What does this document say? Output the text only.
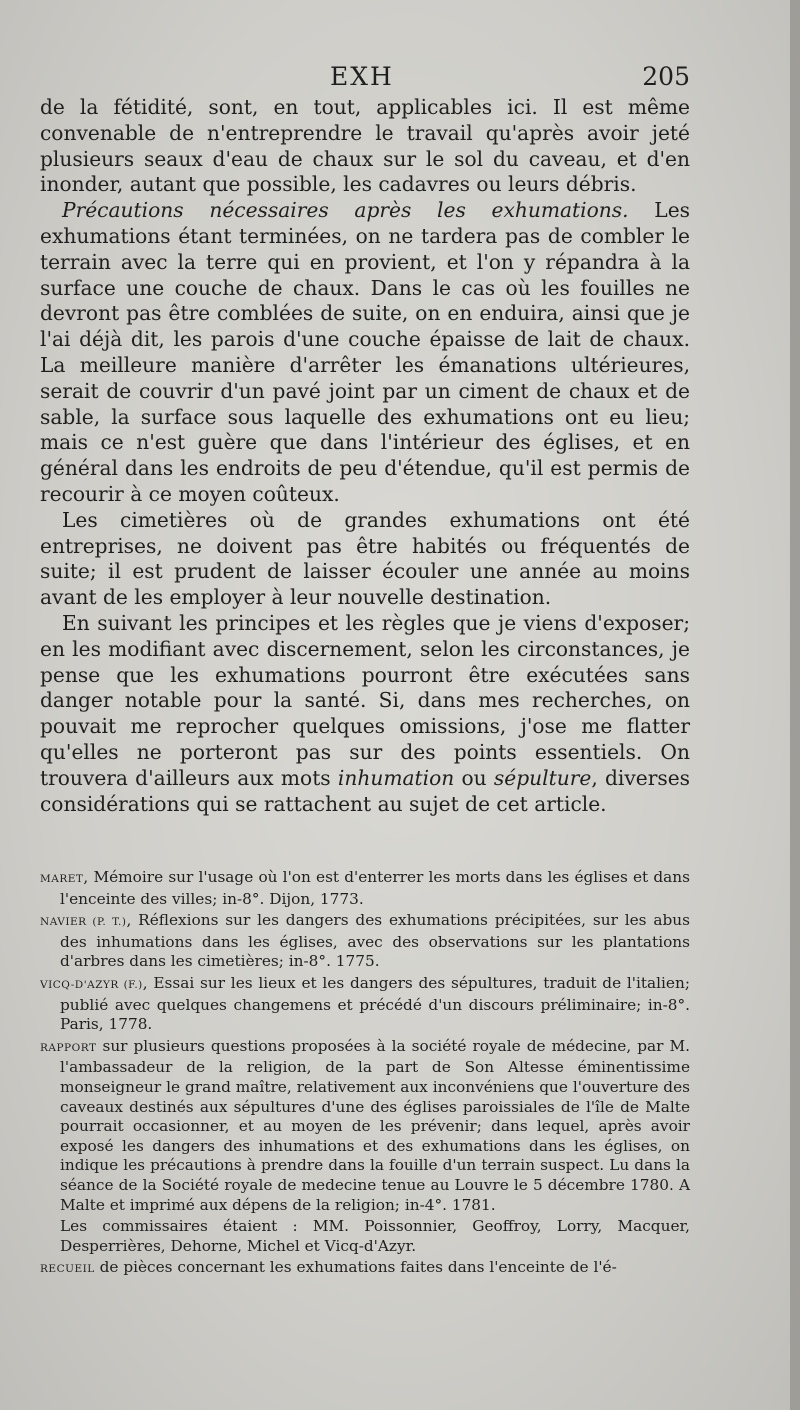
EXH	205

de la fétidité, sont, en tout, applicables ici. Il est même convenable de n'entreprendre le travail qu'après avoir jeté plusieurs seaux d'eau de chaux sur le sol du caveau, et d'en inonder, autant que possible, les cadavres ou leurs débris.

Précautions nécessaires après les exhumations. Les exhumations étant terminées, on ne tardera pas de combler le terrain avec la terre qui en provient, et l'on y répandra à la surface une couche de chaux. Dans le cas où les fouilles ne devront pas être comblées de suite, on en enduira, ainsi que je l'ai déjà dit, les parois d'une couche épaisse de lait de chaux. La meilleure manière d'arrêter les émanations ultérieures, serait de couvrir d'un pavé joint par un ciment de chaux et de sable, la surface sous laquelle des exhumations ont eu lieu; mais ce n'est guère que dans l'intérieur des églises, et en général dans les endroits de peu d'étendue, qu'il est permis de recourir à ce moyen coûteux.

Les cimetières où de grandes exhumations ont été entreprises, ne doivent pas être habités ou fréquentés de suite; il est prudent de laisser écouler une année au moins avant de les employer à leur nouvelle destination.

En suivant les principes et les règles que je viens d'exposer; en les modifiant avec discernement, selon les circonstances, je pense que les exhumations pourront être exécutées sans danger notable pour la santé. Si, dans mes recherches, on pouvait me reprocher quelques omissions, j'ose me flatter qu'elles ne porteront pas sur des points essentiels. On trouvera d'ailleurs aux mots inhumation ou sépulture, diverses considérations qui se rattachent au sujet de cet article.

MARET, Mémoire sur l'usage où l'on est d'enterrer les morts dans les églises et dans l'enceinte des villes; in-8°. Dijon, 1773.
NAVIER (P. T.), Réflexions sur les dangers des exhumations précipitées, sur les abus des inhumations dans les églises, avec des observations sur les plantations d'arbres dans les cimetières; in-8°. 1775.
VICQ-D'AZYR (F.), Essai sur les lieux et les dangers des sépultures, traduit de l'italien; publié avec quelques changemens et précédé d'un discours préliminaire; in-8°. Paris, 1778.
RAPPORT sur plusieurs questions proposées à la société royale de médecine, par M. l'ambassadeur de la religion, de la part de Son Altesse éminentissime monseigneur le grand maître, relativement aux inconvéniens que l'ouverture des caveaux destinés aux sépultures d'une des églises paroissiales de l'île de Malte pourrait occasionner, et au moyen de les prévenir; dans lequel, après avoir exposé les dangers des inhumations et des exhumations dans les églises, on indique les précautions à prendre dans la fouille d'un terrain suspect. Lu dans la séance de la Société royale de medecine tenue au Louvre le 5 décembre 1780. A Malte et imprimé aux dépens de la religion; in-4°. 1781.
Les commissaires étaient : MM. Poissonnier, Geoffroy, Lorry, Macquer, Desperrières, Dehorne, Michel et Vicq-d'Azyr.
RECUEIL de pièces concernant les exhumations faites dans l'enceinte de l'é-
